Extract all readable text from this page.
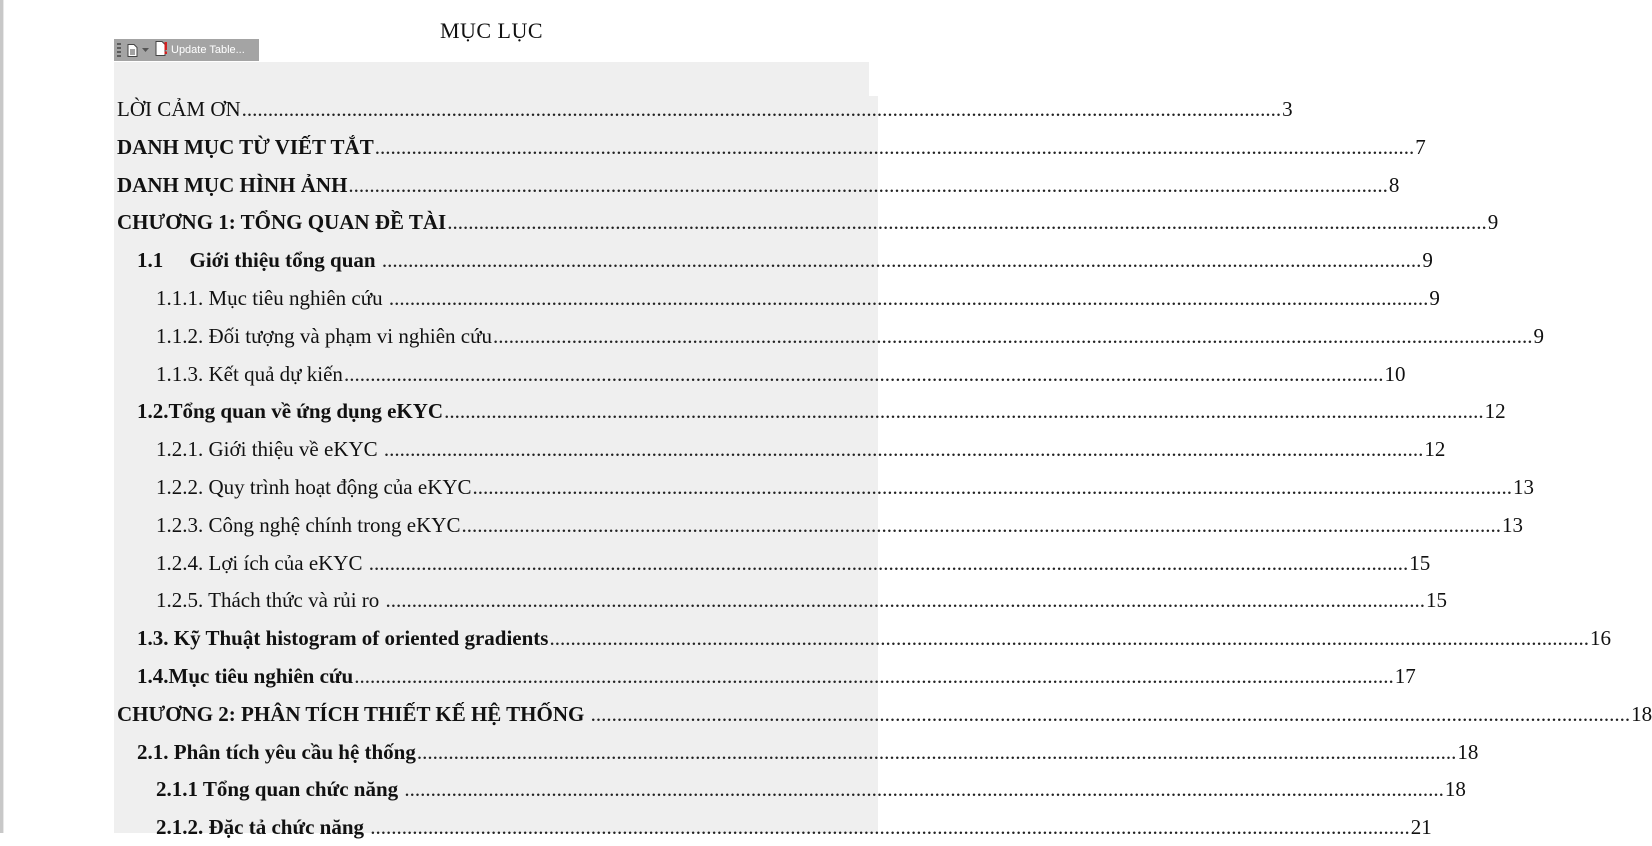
MỤC LỤC
Update Table...
LỜI CẢM ƠN ...................................................................................................................................................................................................... 3
DANH MỤC TỪ VIẾT TẮT ...................................................................................................................................................................................................... 7
DANH MỤC HÌNH ẢNH ...................................................................................................................................................................................................... 8
CHƯƠNG 1: TỔNG QUAN ĐỀ TÀI ...................................................................................................................................................................................................... 9
1.1     Giới thiệu tổng quan ...................................................................................................................................................................................................... 9
1.1.1. Mục tiêu nghiên cứu ...................................................................................................................................................................................................... 9
1.1.2. Đối tượng và phạm vi nghiên cứu ...................................................................................................................................................................................................... 9
1.1.3. Kết quả dự kiến ...................................................................................................................................................................................................... 10
1.2.Tổng quan về ứng dụng eKYC ...................................................................................................................................................................................................... 12
1.2.1. Giới thiệu về eKYC ...................................................................................................................................................................................................... 12
1.2.2. Quy trình hoạt động của eKYC ...................................................................................................................................................................................................... 13
1.2.3. Công nghệ chính trong eKYC ...................................................................................................................................................................................................... 13
1.2.4. Lợi ích của eKYC ...................................................................................................................................................................................................... 15
1.2.5. Thách thức và rủi ro ...................................................................................................................................................................................................... 15
1.3. Kỹ Thuật histogram of oriented gradients ...................................................................................................................................................................................................... 16
1.4.Mục tiêu nghiên cứu ...................................................................................................................................................................................................... 17
CHƯƠNG 2: PHÂN TÍCH THIẾT KẾ HỆ THỐNG ...................................................................................................................................................................................................... 18
2.1. Phân tích yêu cầu hệ thống ...................................................................................................................................................................................................... 18
2.1.1 Tổng quan chức năng ...................................................................................................................................................................................................... 18
2.1.2. Đặc tả chức năng ...................................................................................................................................................................................................... 21
